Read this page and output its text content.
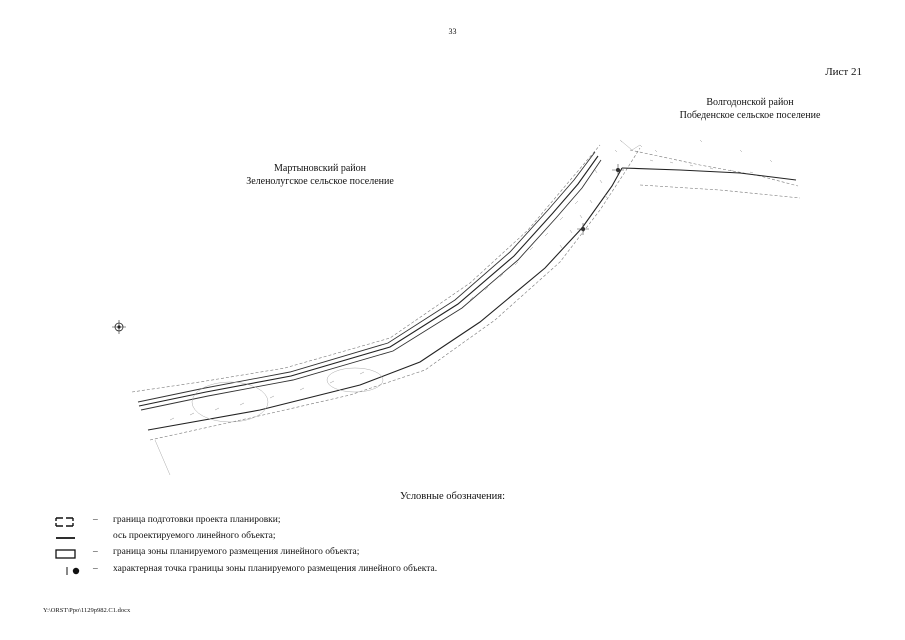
33
Лист 21
Мартыновский район
Зеленолугское сельское поселение
Волгодонской район
Победенское сельское поселение
Условные обозначения:
– граница подготовки проекта планировки;
ось проектируемого линейного объекта;
– граница зоны планируемого размещения линейного объекта;
– характерная точка границы зоны планируемого размещения линейного объекта.
Y:\ORST\Ppo\1129p982.C1.docx
